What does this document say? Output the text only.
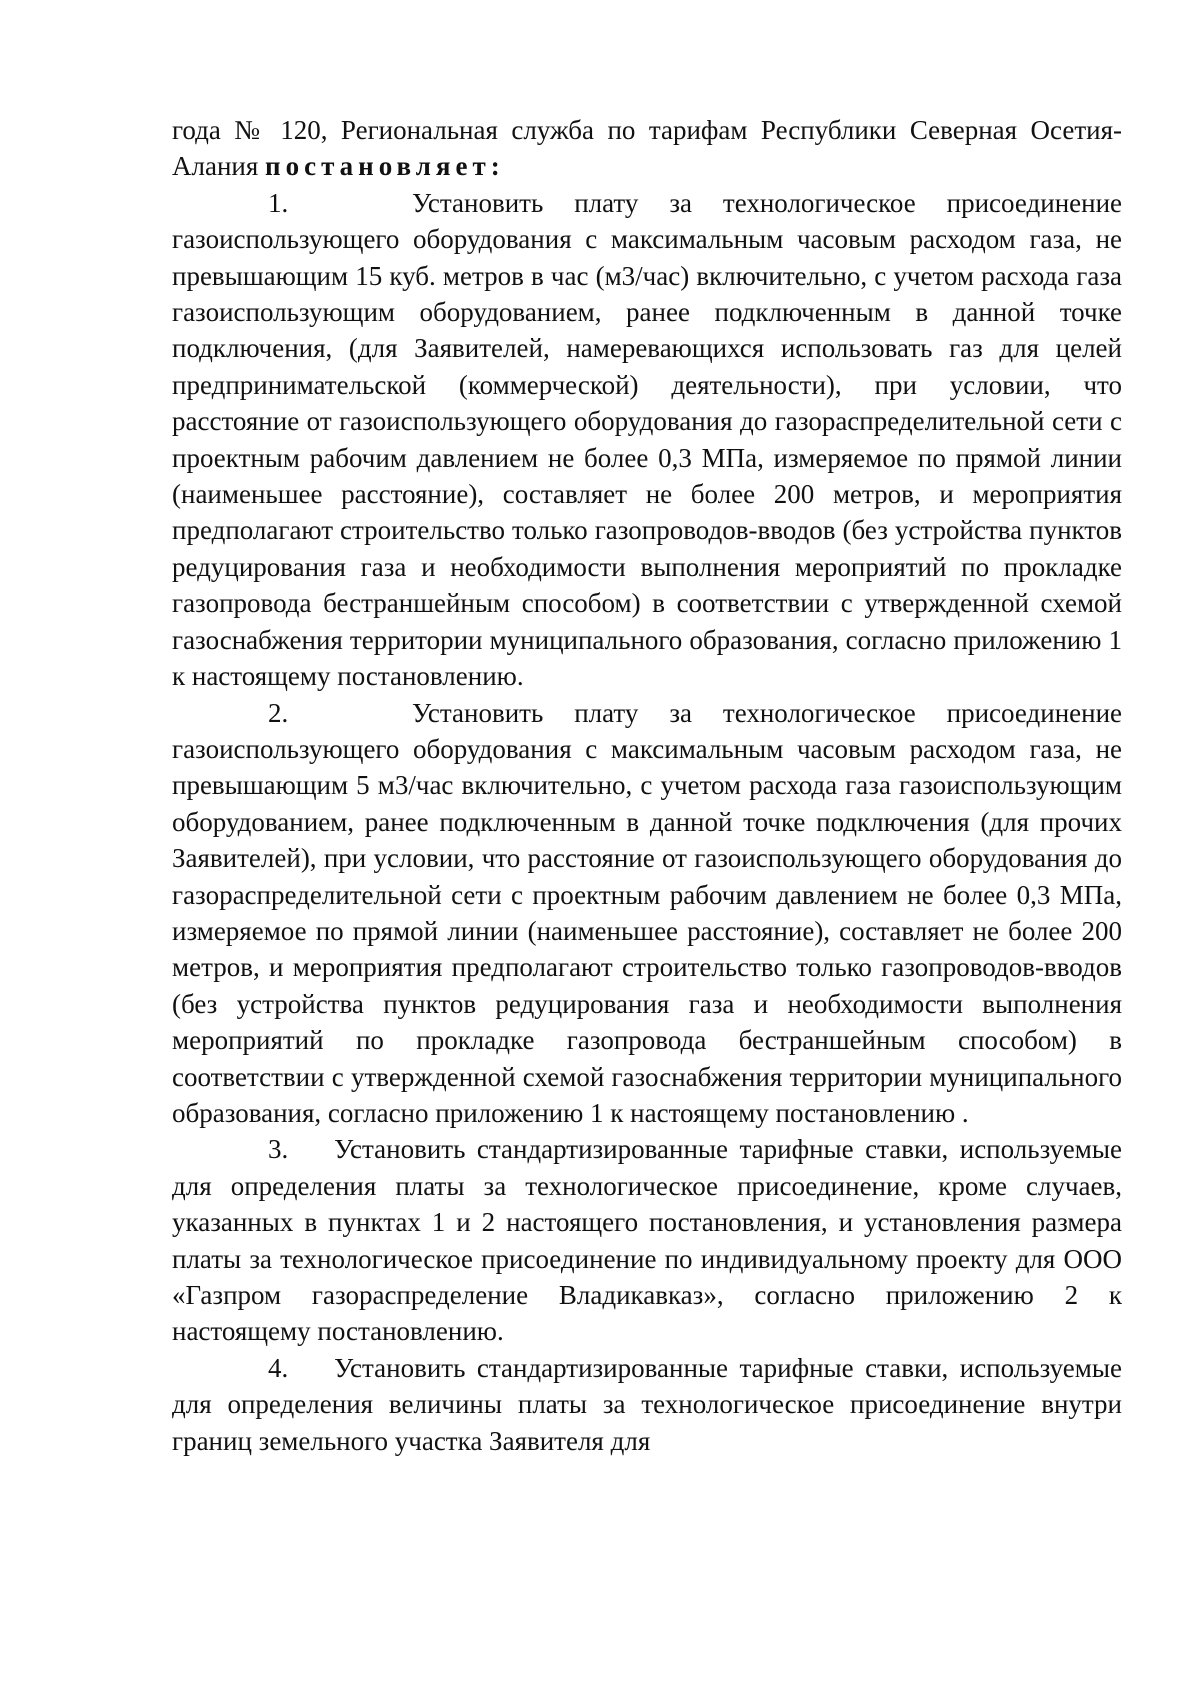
года № 120, Региональная служба по тарифам Республики Северная Осетия-Алания постановляет:

1.	Установить плату за технологическое присоединение газоиспользующего оборудования с максимальным часовым расходом газа, не превышающим 15 куб. метров в час (м3/час) включительно, с учетом расхода газа газоиспользующим оборудованием, ранее подключенным в данной точке подключения, (для Заявителей, намеревающихся использовать газ для целей предпринимательской (коммерческой) деятельности), при условии, что расстояние от газоиспользующего оборудования до газораспределительной сети с проектным рабочим давлением не более 0,3 МПа, измеряемое по прямой линии (наименьшее расстояние), составляет не более 200 метров, и мероприятия предполагают строительство только газопроводов-вводов (без устройства пунктов редуцирования газа и необходимости выполнения мероприятий по прокладке газопровода бестраншейным способом) в соответствии с утвержденной схемой газоснабжения территории муниципального образования, согласно приложению 1 к настоящему постановлению.

2.	Установить плату за технологическое присоединение газоиспользующего оборудования с максимальным часовым расходом газа, не превышающим 5 м3/час включительно, с учетом расхода газа газоиспользующим оборудованием, ранее подключенным в данной точке подключения (для прочих Заявителей), при условии, что расстояние от газоиспользующего оборудования до газораспределительной сети с проектным рабочим давлением не более 0,3 МПа, измеряемое по прямой линии (наименьшее расстояние), составляет не более 200 метров, и мероприятия предполагают строительство только газопроводов-вводов (без устройства пунктов редуцирования газа и необходимости выполнения мероприятий по прокладке газопровода бестраншейным способом) в соответствии с утвержденной схемой газоснабжения территории муниципального образования, согласно приложению 1 к настоящему постановлению .

3. Установить стандартизированные тарифные ставки, используемые для определения платы за технологическое присоединение, кроме случаев, указанных в пунктах 1 и 2 настоящего постановления, и установления размера платы за технологическое присоединение по индивидуальному проекту для ООО «Газпром газораспределение Владикавказ», согласно приложению 2 к настоящему постановлению.

4. Установить стандартизированные тарифные ставки, используемые для определения величины платы за технологическое присоединение внутри границ земельного участка Заявителя для
